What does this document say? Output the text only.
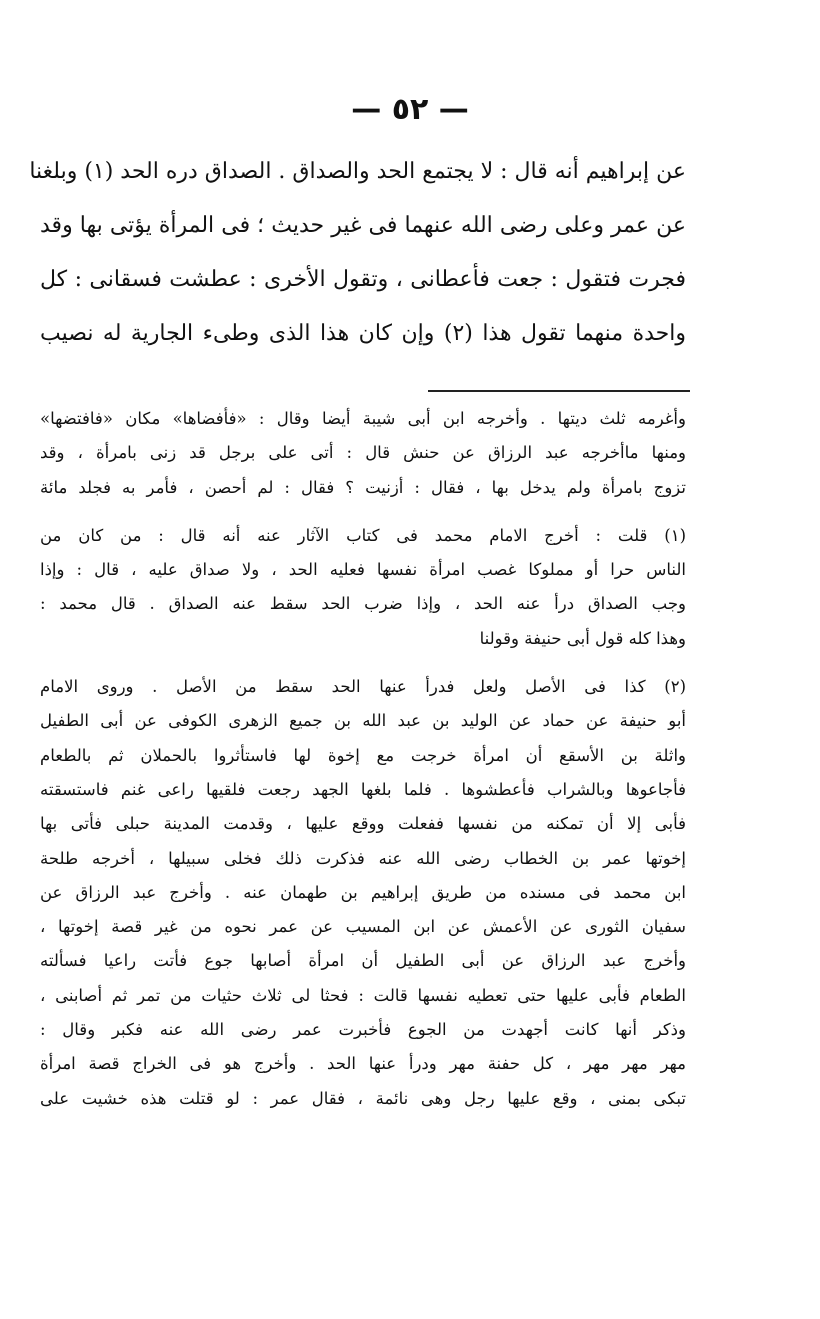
— ٥٢ —
عن إبراهيم أنه قال : لا يجتمع الحد والصداق . الصداق دره الحد (١) وبلغنا
عن عمر وعلى رضى الله عنهما فى غير حديث ؛ فى المرأة يؤتى بها وقد
فجرت فتقول : جعت فأعطانى ، وتقول الأخرى : عطشت فسقانى : كل
واحدة منهما تقول هذا (٢) وإن كان هذا الذى وطىء الجارية له نصيب
وأغرمه ثلث ديتها . وأخرجه ابن أبى شيبة أيضا وقال : «فأفضاها» مكان «فافتضها»
ومنها ماأخرجه عبد الرزاق عن حنش قال : أتى على برجل قد زنى بامرأة ، وقد
تزوج بامرأة ولم يدخل بها ، فقال : أزنيت ؟ فقال : لم أحصن ، فأمر به فجلد مائة
(١) قلت : أخرج الامام محمد فى كتاب الآثار عنه أنه قال : من كان من
الناس حرا أو مملوكا غصب امرأة نفسها فعليه الحد ، ولا صداق عليه ، قال : وإذا
وجب الصداق درأ عنه الحد ، وإذا ضرب الحد سقط عنه الصداق . قال محمد :
وهذا كله قول أبى حنيفة وقولنا
(٢) كذا فى الأصل ولعل فدرأ عنها الحد سقط من الأصل . وروى الامام
أبو حنيفة عن حماد عن الوليد بن عبد الله بن جميع الزهرى الكوفى عن أبى الطفيل
واثلة بن الأسقع أن امرأة خرجت مع إخوة لها فاستأثروا بالحملان ثم بالطعام
فأجاعوها وبالشراب فأعطشوها . فلما بلغها الجهد رجعت فلقيها راعى غنم فاستسقته
فأبى إلا أن تمكنه من نفسها ففعلت ووقع عليها ، وقدمت المدينة حبلى فأتى بها
إخوتها عمر بن الخطاب رضى الله عنه فذكرت ذلك فخلى سبيلها ، أخرجه طلحة
ابن محمد فى مسنده من طريق إبراهيم بن طهمان عنه . وأخرج عبد الرزاق عن
سفيان الثورى عن الأعمش عن ابن المسيب عن عمر نحوه من غير قصة إخوتها ،
وأخرج عبد الرزاق عن أبى الطفيل أن امرأة أصابها جوع فأتت راعيا فسألته
الطعام فأبى عليها حتى تعطيه نفسها قالت : فحثا لى ثلاث حثيات من تمر ثم أصابنى ،
وذكر أنها كانت أجهدت من الجوع فأخبرت عمر رضى الله عنه فكبر وقال :
مهر مهر مهر ، كل حفنة مهر ودرأ عنها الحد . وأخرج هو فى الخراج قصة امرأة
تبكى بمنى ، وقع عليها رجل وهى نائمة ، فقال عمر : لو قتلت هذه خشيت على
